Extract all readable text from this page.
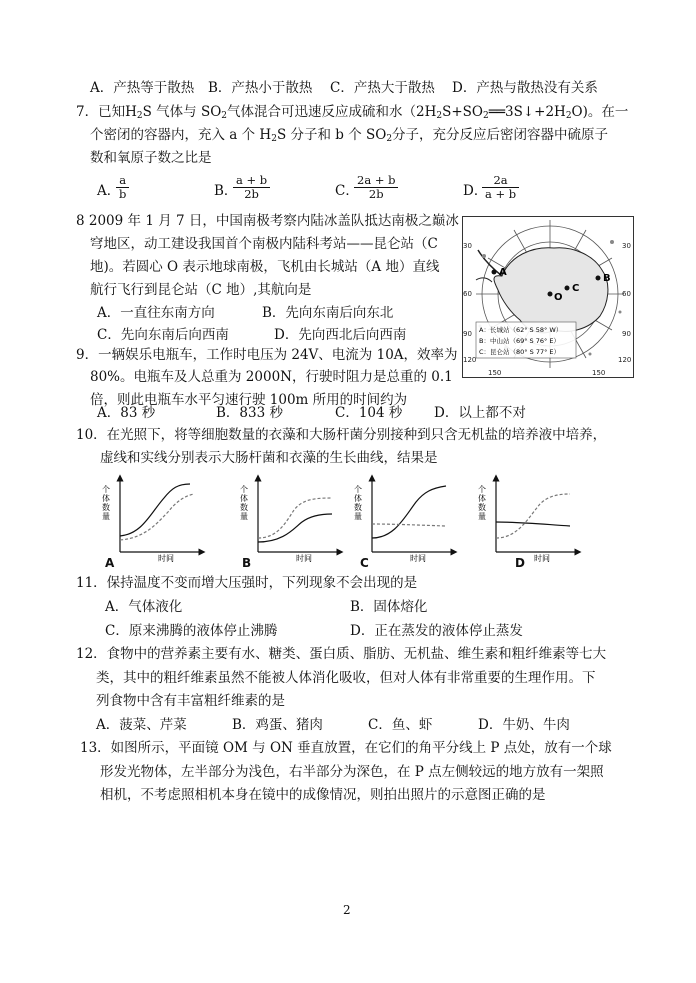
A．产热等于散热 B．产热小于散热 C．产热大于散热 D．产热与散热没有关系
7．已知$H_2S$ 气体与 $SO_2$气体混合可迅速反应成硫和水$(2H_2S+SO_2══3S↓+2H_2O)$。在一
个密闭的容器内，充入 a 个 $H_2S$ 分子和 b 个 $SO_2$分子，充分反应后密闭容器中硫原子
数和氧原子数之比是
A．
$\frac{a}{b}$	B．
$\frac{a + b}{2b}$	C．
$\frac{2a + b}{2b}$	D．
$\frac{2a}{a + b}$
8 2009 年 1 月 7 日，中国南极考察内陆冰盖队抵达南极之巅冰
穹地区，动工建设我国首个南极内陆科考站——昆仑站（C
地)。若圆心 O 表示地球南极，飞机由长城站（A 地）直线
航行飞行到昆仑站（C 地）,其航向是
A．一直往东南方向	B．先向东南后向东北
C．先向东南后向西南	D．先向西北后向西南
A
B
C
O
A：长城站（62° S 58° W）
B：中山站（69° S 76° E）
C：昆仑站（80° S 77° E）
30	30
60	60
90	90
120	120
150	150
9．一辆娱乐电瓶车，工作时电压为 24V、电流为 10A，效率为
80%。电瓶车及人总重为 2000N，行驶时阻力是总重的 0.1
倍，则此电瓶车水平匀速行驶 100m 所用的时间约为
A．83 秒	B．833 秒	C．104 秒 D．以上都不对
10．在光照下，将等细胞数量的衣藻和大肠杆菌分别接种到只含无机盐的培养液中培养，
虚线和实线分别表示大肠杆菌和衣藻的生长曲线，结果是
个体数量
时间
A
个体数量
时间
B
个体数量
时间
C
个体数量
时间
D
11．保持温度不变而增大压强时，下列现象不会出现的是
A．气体液化	B．固体熔化
C．原来沸腾的液体停止沸腾	D．正在蒸发的液体停止蒸发
12．食物中的营养素主要有水、糖类、蛋白质、脂肪、无机盐、维生素和粗纤维素等七大
类，其中的粗纤维素虽然不能被人体消化吸收，但对人体有非常重要的生理作用。下
列食物中含有丰富粗纤维素的是
A．菠菜、芹菜	B．鸡蛋、猪肉	C．鱼、虾	D．牛奶、牛肉
13．如图所示，平面镜 OM 与 ON 垂直放置，在它们的角平分线上 P 点处，放有一个球
形发光物体，左半部分为浅色，右半部分为深色，在 P 点左侧较远的地方放有一架照
相机，不考虑照相机本身在镜中的成像情况，则拍出照片的示意图正确的是
2
